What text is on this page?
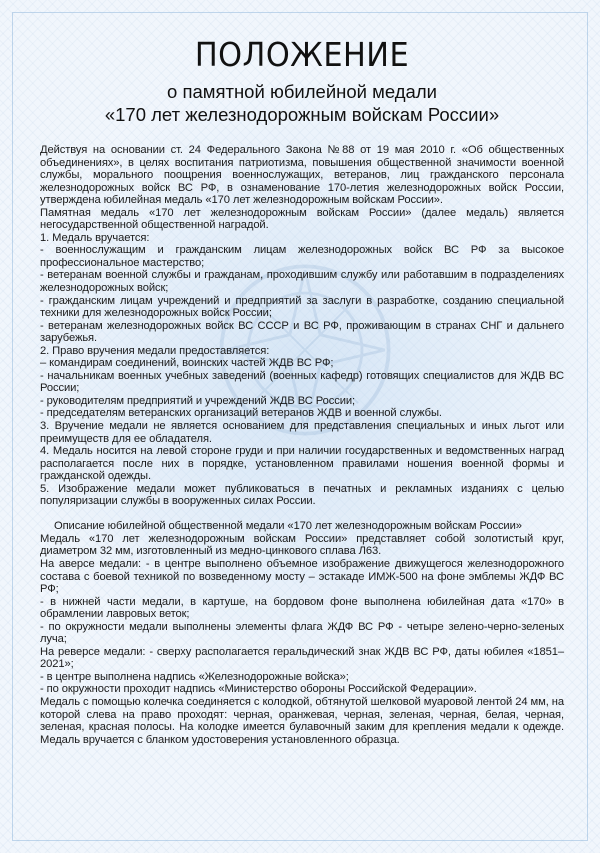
ПОЛОЖЕНИЕ
о памятной юбилейной медали
«170 лет железнодорожным войскам России»

Действуя на основании ст. 24 Федерального Закона №88 от 19 мая 2010 г. «Об общественных объединениях», в целях воспитания патриотизма, повышения общественной значимости военной службы, морального поощрения военнослужащих, ветеранов, лиц гражданского персонала железнодорожных войск ВС РФ, в ознаменование 170-летия железнодорожных войск России, утверждена юбилейная медаль «170 лет железнодорожным войскам России».

Памятная медаль «170 лет железнодорожным войскам России» (далее медаль) является негосударственной общественной наградой.

1. Медаль вручается:

- военнослужащим и гражданским лицам железнодорожных войск ВС РФ за высокое профессиональное мастерство;

- ветеранам военной службы и гражданам, проходившим службу или работавшим в подразделениях железнодорожных войск;

- гражданским лицам учреждений и предприятий за заслуги в разработке, созданию специальной техники для железнодорожных войск России;

- ветеранам железнодорожных войск ВС СССР и ВС РФ, проживающим в странах СНГ и дальнего зарубежья.

2. Право вручения медали предоставляется:

– командирам соединений, воинских частей ЖДВ ВС РФ;

- начальникам военных учебных заведений (военных кафедр) готовящих специалистов для ЖДВ ВС России;

- руководителям предприятий и учреждений ЖДВ ВС России;

- председателям ветеранских организаций ветеранов ЖДВ и военной службы.

3. Вручение медали не является основанием для представления специальных и иных льгот или преимуществ для ее обладателя.

4. Медаль носится на левой стороне груди и при наличии государственных и ведомственных наград располагается после них в порядке, установленном правилами ношения военной формы и гражданской одежды.

5. Изображение медали может публиковаться в печатных и рекламных изданиях с целью популяризации службы в вооруженных силах России.

Описание юбилейной общественной медали «170 лет железнодорожным войскам России»

Медаль «170 лет железнодорожным войскам России» представляет собой золотистый круг, диаметром 32 мм, изготовленный из медно-цинкового сплава Л63.

На аверсе медали: - в центре выполнено объемное изображение движущегося железнодорожного состава с боевой техникой по возведенному мосту – эстакаде ИМЖ-500 на фоне эмблемы ЖДФ ВС РФ;

- в нижней части медали, в картуше, на бордовом фоне выполнена юбилейная дата «170» в обрамлении лавровых веток;

- по окружности медали выполнены элементы флага ЖДФ ВС РФ - четыре зелено-черно-зеленых луча;

На реверсе медали: - сверху располагается геральдический знак ЖДВ ВС РФ, даты юбилея «1851–2021»;

- в центре выполнена надпись «Железнодорожные войска»;

- по окружности проходит надпись «Министерство обороны Российской Федерации».

Медаль с помощью колечка соединяется с колодкой, обтянутой шелковой муаровой лентой 24 мм, на которой слева на право проходят: черная, оранжевая, черная, зеленая, черная, белая, черная, зеленая, красная полосы. На колодке имеется булавочный заким для крепления медали к одежде. Медаль вручается с бланком удостоверения установленного образца.
